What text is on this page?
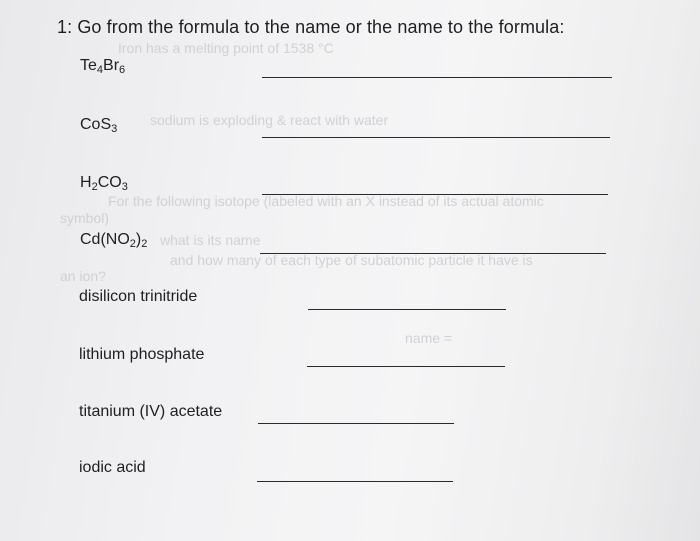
Iron has a melting point of 1538 °C
sodium is exploding & react with water
For the following isotope (labeled with an X instead of its actual atomic
symbol)
what is its name
and how many of each type of subatomic particle it have is
an ion?
name =
1: Go from the formula to the name or the name to the formula:
$Te_4Br_6$
CoS$_3$
$H_2CO_3$
$Cd(NO_2)_2$
disilicon trinitride
lithium phosphate
titanium (IV) acetate
iodic acid
